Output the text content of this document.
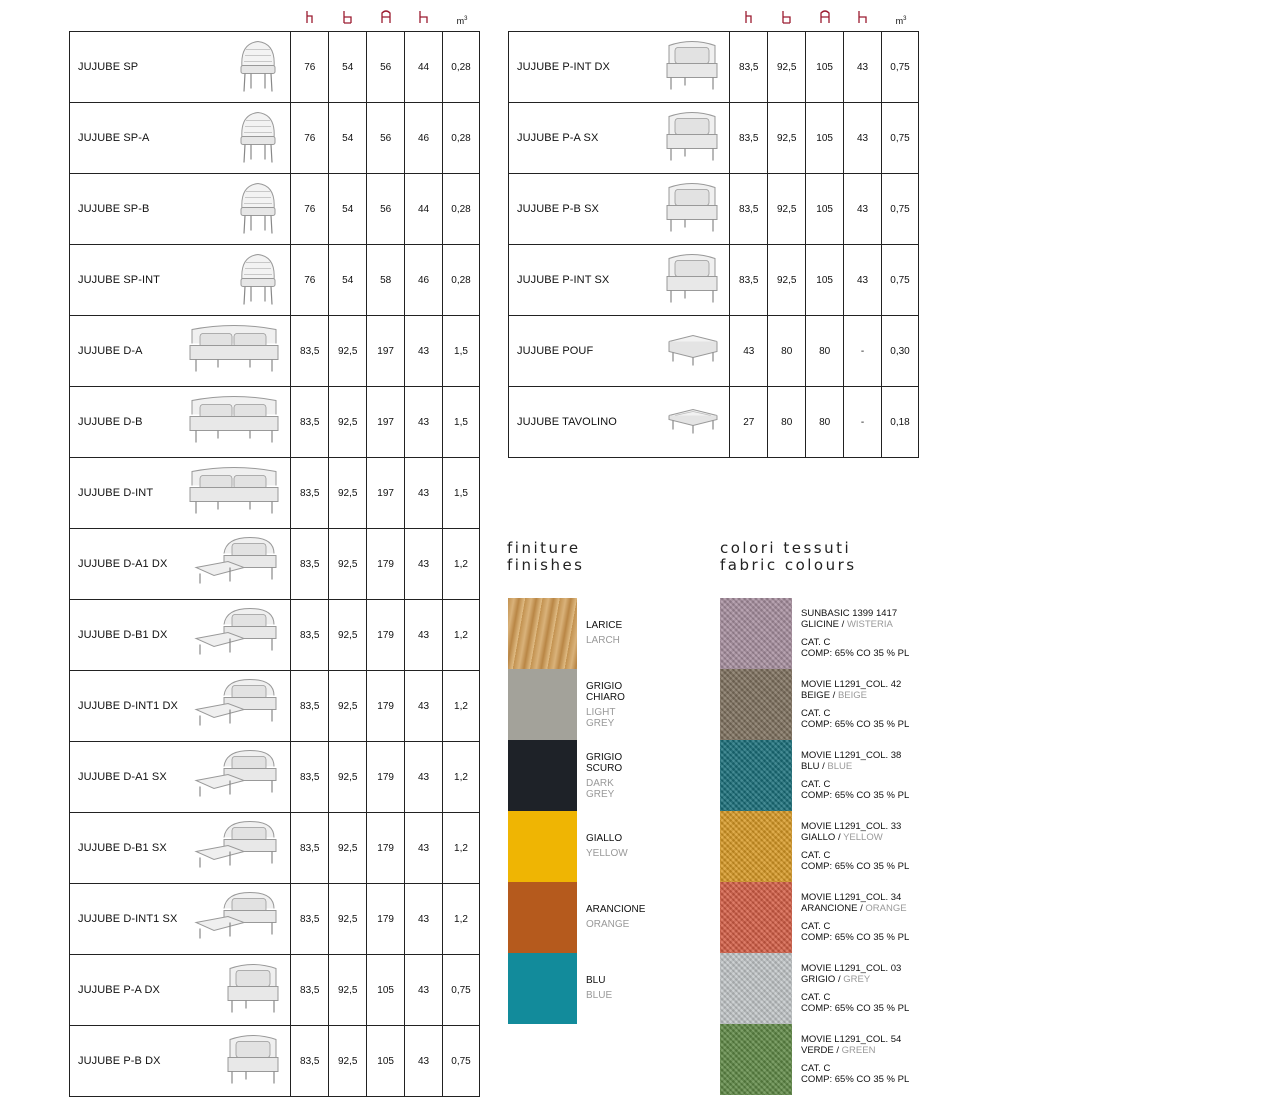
$m^3$	$m^3$
JUJUBE SP	76	54	56	44	0,28

JUJUBE SP-A	76	54	56	46	0,28

JUJUBE SP-B	76	54	56	44	0,28

JUJUBE SP-INT	76	54	58	46	0,28

JUJUBE D-A	83,5	92,5	197	43	1,5

JUJUBE D-B	83,5	92,5	197	43	1,5

JUJUBE D-INT	83,5	92,5	197	43	1,5

JUJUBE D-A1 DX	83,5	92,5	179	43	1,2

JUJUBE D-B1 DX	83,5	92,5	179	43	1,2

JUJUBE D-INT1 DX	83,5	92,5	179	43	1,2

JUJUBE D-A1 SX	83,5	92,5	179	43	1,2

JUJUBE D-B1 SX	83,5	92,5	179	43	1,2

JUJUBE D-INT1 SX	83,5	92,5	179	43	1,2

JUJUBE P-A DX	83,5	92,5	105	43	0,75

JUJUBE P-B DX	83,5	92,5	105	43	0,75
JUJUBE P-INT DX	83,5	92,5	105	43	0,75

JUJUBE P-A SX	83,5	92,5	105	43	0,75

JUJUBE P-B SX	83,5	92,5	105	43	0,75

JUJUBE P-INT SX	83,5	92,5	105	43	0,75

JUJUBE POUF	43	80	80	-	0,30

JUJUBE TAVOLINO	27	80	80	-	0,18
finiture
finishes
LARICE
LARCH
GRIGIO CHIARO
LIGHT GREY
GRIGIO SCURO
DARK GREY
GIALLO
YELLOW
ARANCIONE
ORANGE
BLU
BLUE
colori tessuti
fabric colours
SUNBASIC 1399 1417
GLICINE / WISTERIA
CAT. C
COMP: 65% CO 35 % PL
MOVIE L1291_COL. 42
BEIGE / BEIGE
CAT. C
COMP: 65% CO 35 % PL
MOVIE L1291_COL. 38
BLU / BLUE
CAT. C
COMP: 65% CO 35 % PL
MOVIE L1291_COL. 33
GIALLO / YELLOW
CAT. C
COMP: 65% CO 35 % PL
MOVIE L1291_COL. 34
ARANCIONE / ORANGE
CAT. C
COMP: 65% CO 35 % PL
MOVIE L1291_COL. 03
GRIGIO / GREY
CAT. C
COMP: 65% CO 35 % PL
MOVIE L1291_COL. 54
VERDE / GREEN
CAT. C
COMP: 65% CO 35 % PL
